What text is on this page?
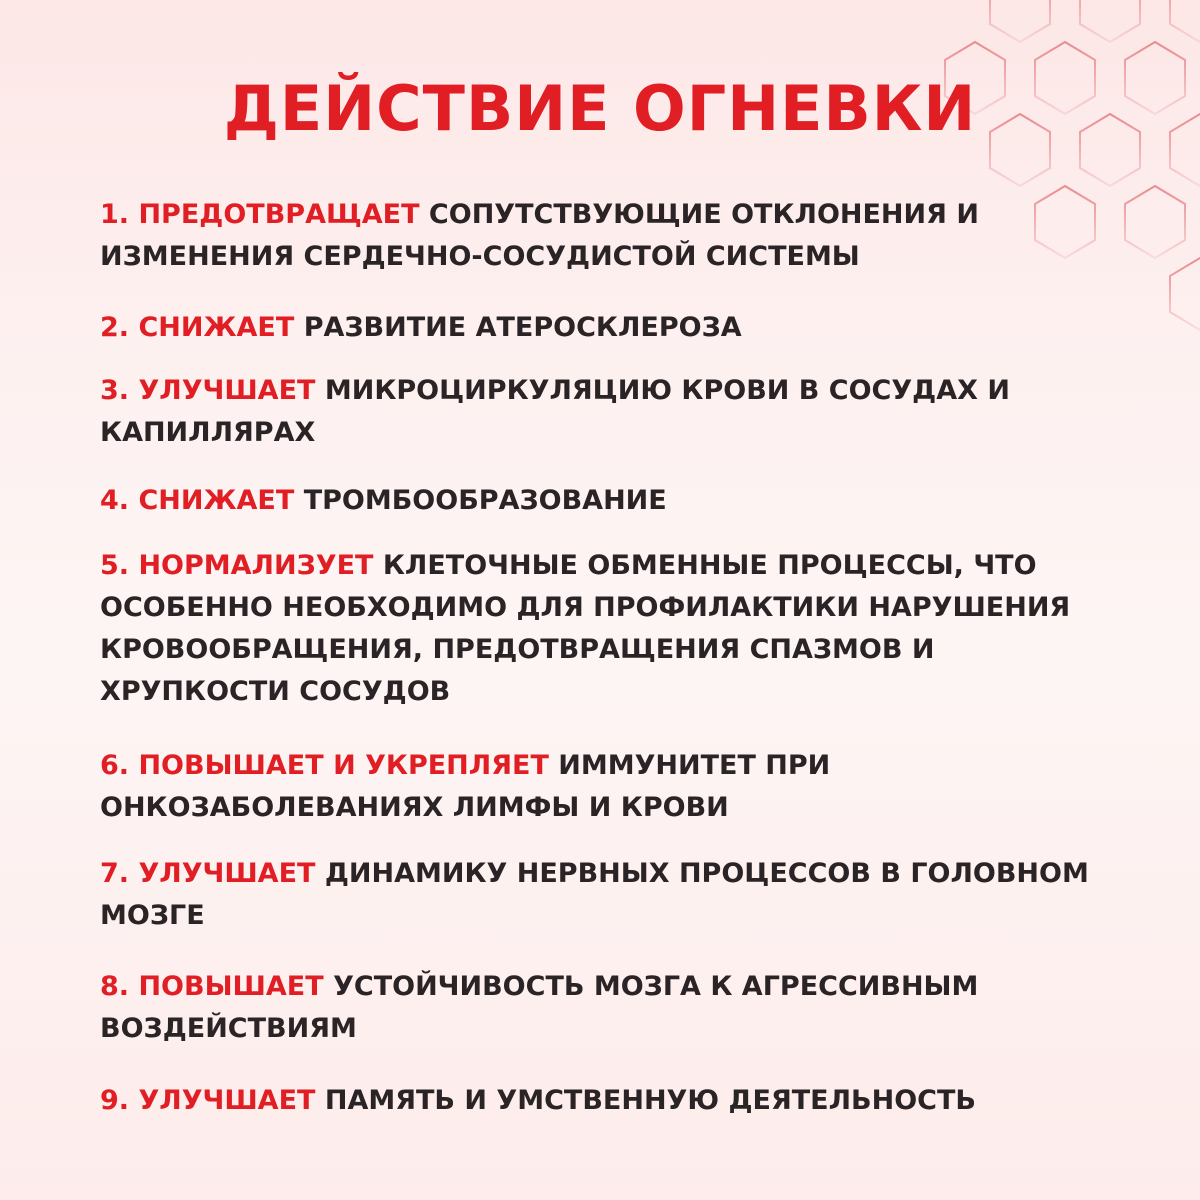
ДЕЙСТВИЕ ОГНЕВКИ
1. ПРЕДОТВРАЩАЕТ СОПУТСТВУЮЩИЕ ОТКЛОНЕНИЯ И ИЗМЕНЕНИЯ СЕРДЕЧНО-СОСУДИСТОЙ СИСТЕМЫ
2. СНИЖАЕТ РАЗВИТИЕ АТЕРОСКЛЕРОЗА
3. УЛУЧШАЕТ МИКРОЦИРКУЛЯЦИЮ КРОВИ В СОСУДАХ И КАПИЛЛЯРАХ
4. СНИЖАЕТ ТРОМБООБРАЗОВАНИЕ
5. НОРМАЛИЗУЕТ КЛЕТОЧНЫЕ ОБМЕННЫЕ ПРОЦЕССЫ, ЧТО ОСОБЕННО НЕОБХОДИМО ДЛЯ ПРОФИЛАКТИКИ НАРУШЕНИЯ КРОВООБРАЩЕНИЯ, ПРЕДОТВРАЩЕНИЯ СПАЗМОВ И ХРУПКОСТИ СОСУДОВ
6. ПОВЫШАЕТ И УКРЕПЛЯЕТ ИММУНИТЕТ ПРИ ОНКОЗАБОЛЕВАНИЯХ ЛИМФЫ И КРОВИ
7. УЛУЧШАЕТ ДИНАМИКУ НЕРВНЫХ ПРОЦЕССОВ В ГОЛОВНОМ МОЗГЕ
8. ПОВЫШАЕТ УСТОЙЧИВОСТЬ МОЗГА К АГРЕССИВНЫМ ВОЗДЕЙСТВИЯМ
9. УЛУЧШАЕТ ПАМЯТЬ И УМСТВЕННУЮ ДЕЯТЕЛЬНОСТЬ
